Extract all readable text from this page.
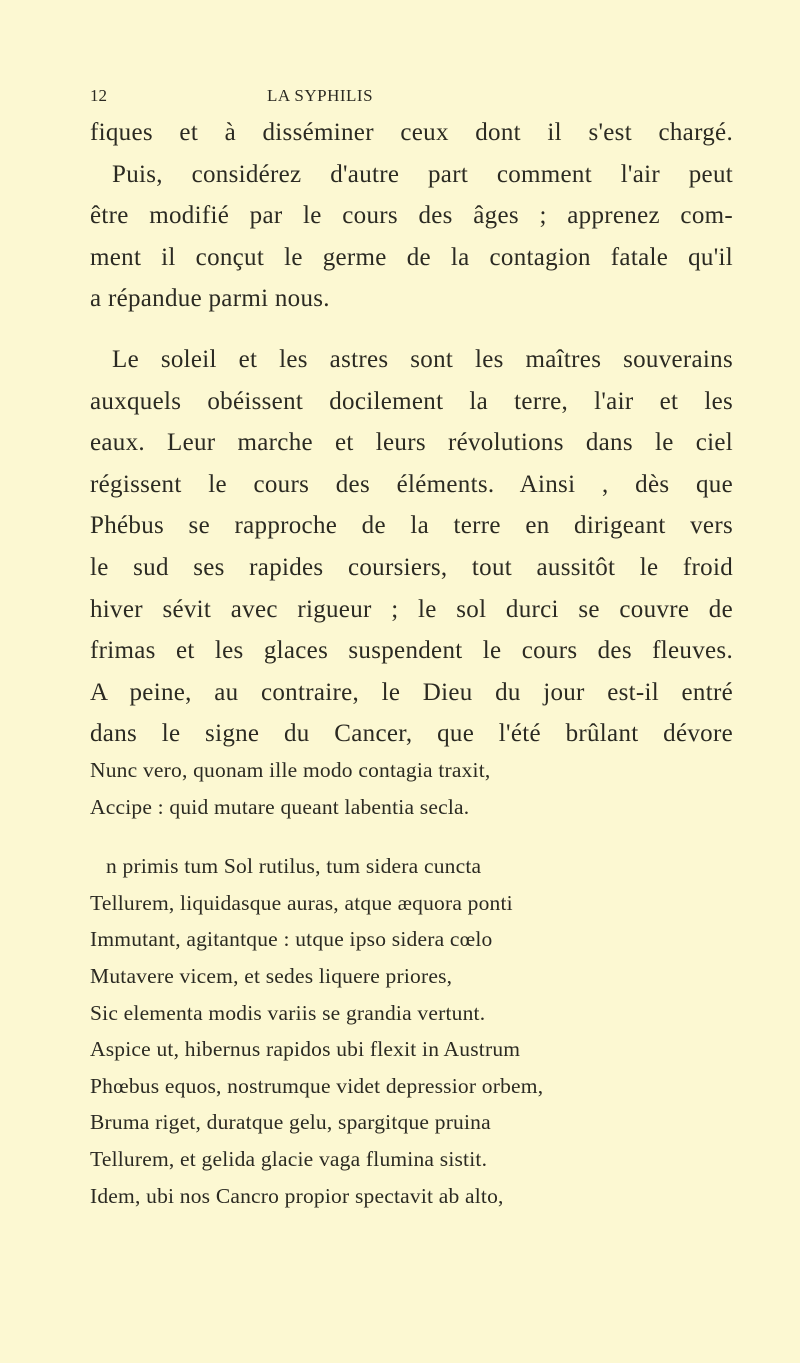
12	LA SYPHILIS
fiques et à disséminer ceux dont il s'est chargé.
Puis, considérez d'autre part comment l'air peut
être modifié par le cours des âges ; apprenez com-
ment il conçut le germe de la contagion fatale qu'il
a répandue parmi nous.
Le soleil et les astres sont les maîtres souverains
auxquels obéissent docilement la terre, l'air et les
eaux. Leur marche et leurs révolutions dans le ciel
régissent le cours des éléments. Ainsi , dès que
Phébus se rapproche de la terre en dirigeant vers
le sud ses rapides coursiers, tout aussitôt le froid
hiver sévit avec rigueur ; le sol durci se couvre de
frimas et les glaces suspendent le cours des fleuves.
A peine, au contraire, le Dieu du jour est-il entré
dans le signe du Cancer, que l'été brûlant dévore
Nunc vero, quonam ille modo contagia traxit,
Accipe : quid mutare queant labentia secla.
n primis tum Sol rutilus, tum sidera cuncta
Tellurem, liquidasque auras, atque æquora ponti
Immutant, agitantque : utque ipso sidera cœlo
Mutavere vicem, et sedes liquere priores,
Sic elementa modis variis se grandia vertunt.
Aspice ut, hibernus rapidos ubi flexit in Austrum
Phœbus equos, nostrumque videt depressior orbem,
Bruma riget, duratque gelu, spargitque pruina
Tellurem, et gelida glacie vaga flumina sistit.
Idem, ubi nos Cancro propior spectavit ab alto,
